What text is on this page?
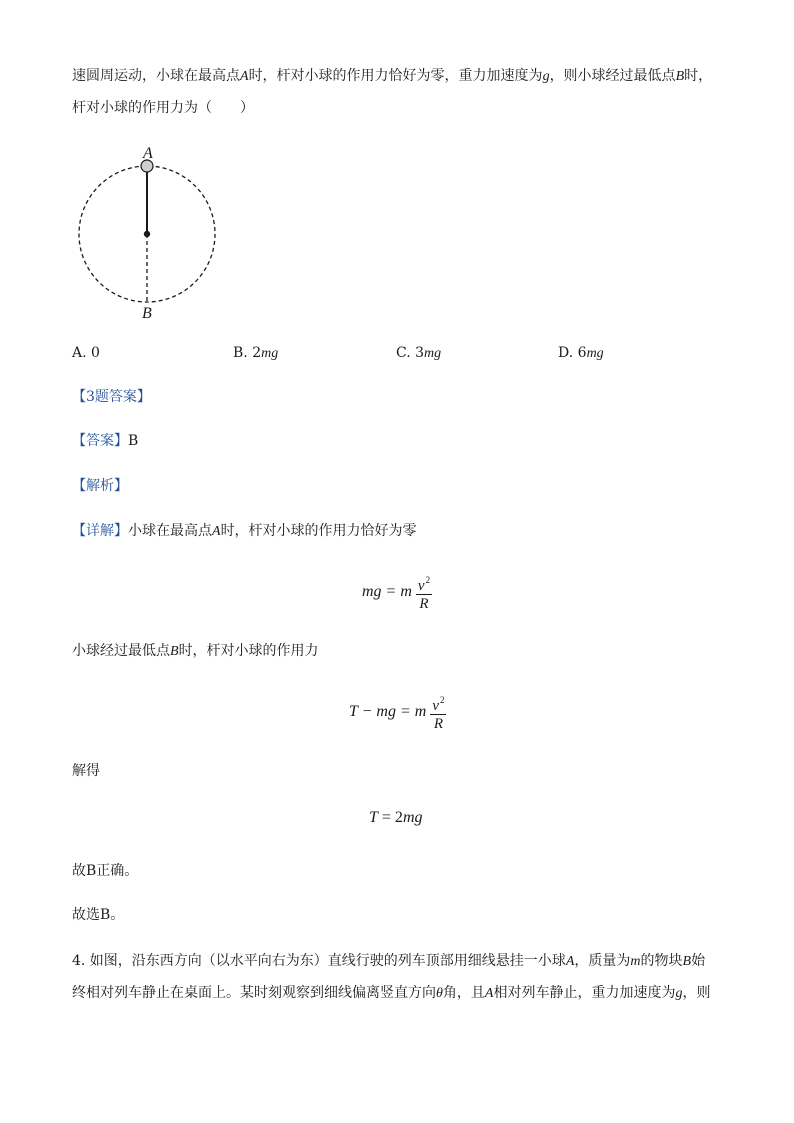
速圆周运动，小球在最高点A时，杆对小球的作用力恰好为零，重力加速度为g，则小球经过最低点B时，
杆对小球的作用力为（　　）
A
B
A. 0	B. 2mg	C. 3mg	D. 6mg
【3题答案】
【答案】B
【解析】
【详解】小球在最高点A时，杆对小球的作用力恰好为零
mg = m $\frac{v^2}{R}$
小球经过最低点B时，杆对小球的作用力
T − mg = m $\frac{v^2}{R}$
解得
T = 2mg
故B正确。
故选B。
4. 如图，沿东西方向（以水平向右为东）直线行驶的列车顶部用细线悬挂一小球A，质量为m的物块B始
终相对列车静止在桌面上。某时刻观察到细线偏离竖直方向θ角，且A相对列车静止，重力加速度为g，则
